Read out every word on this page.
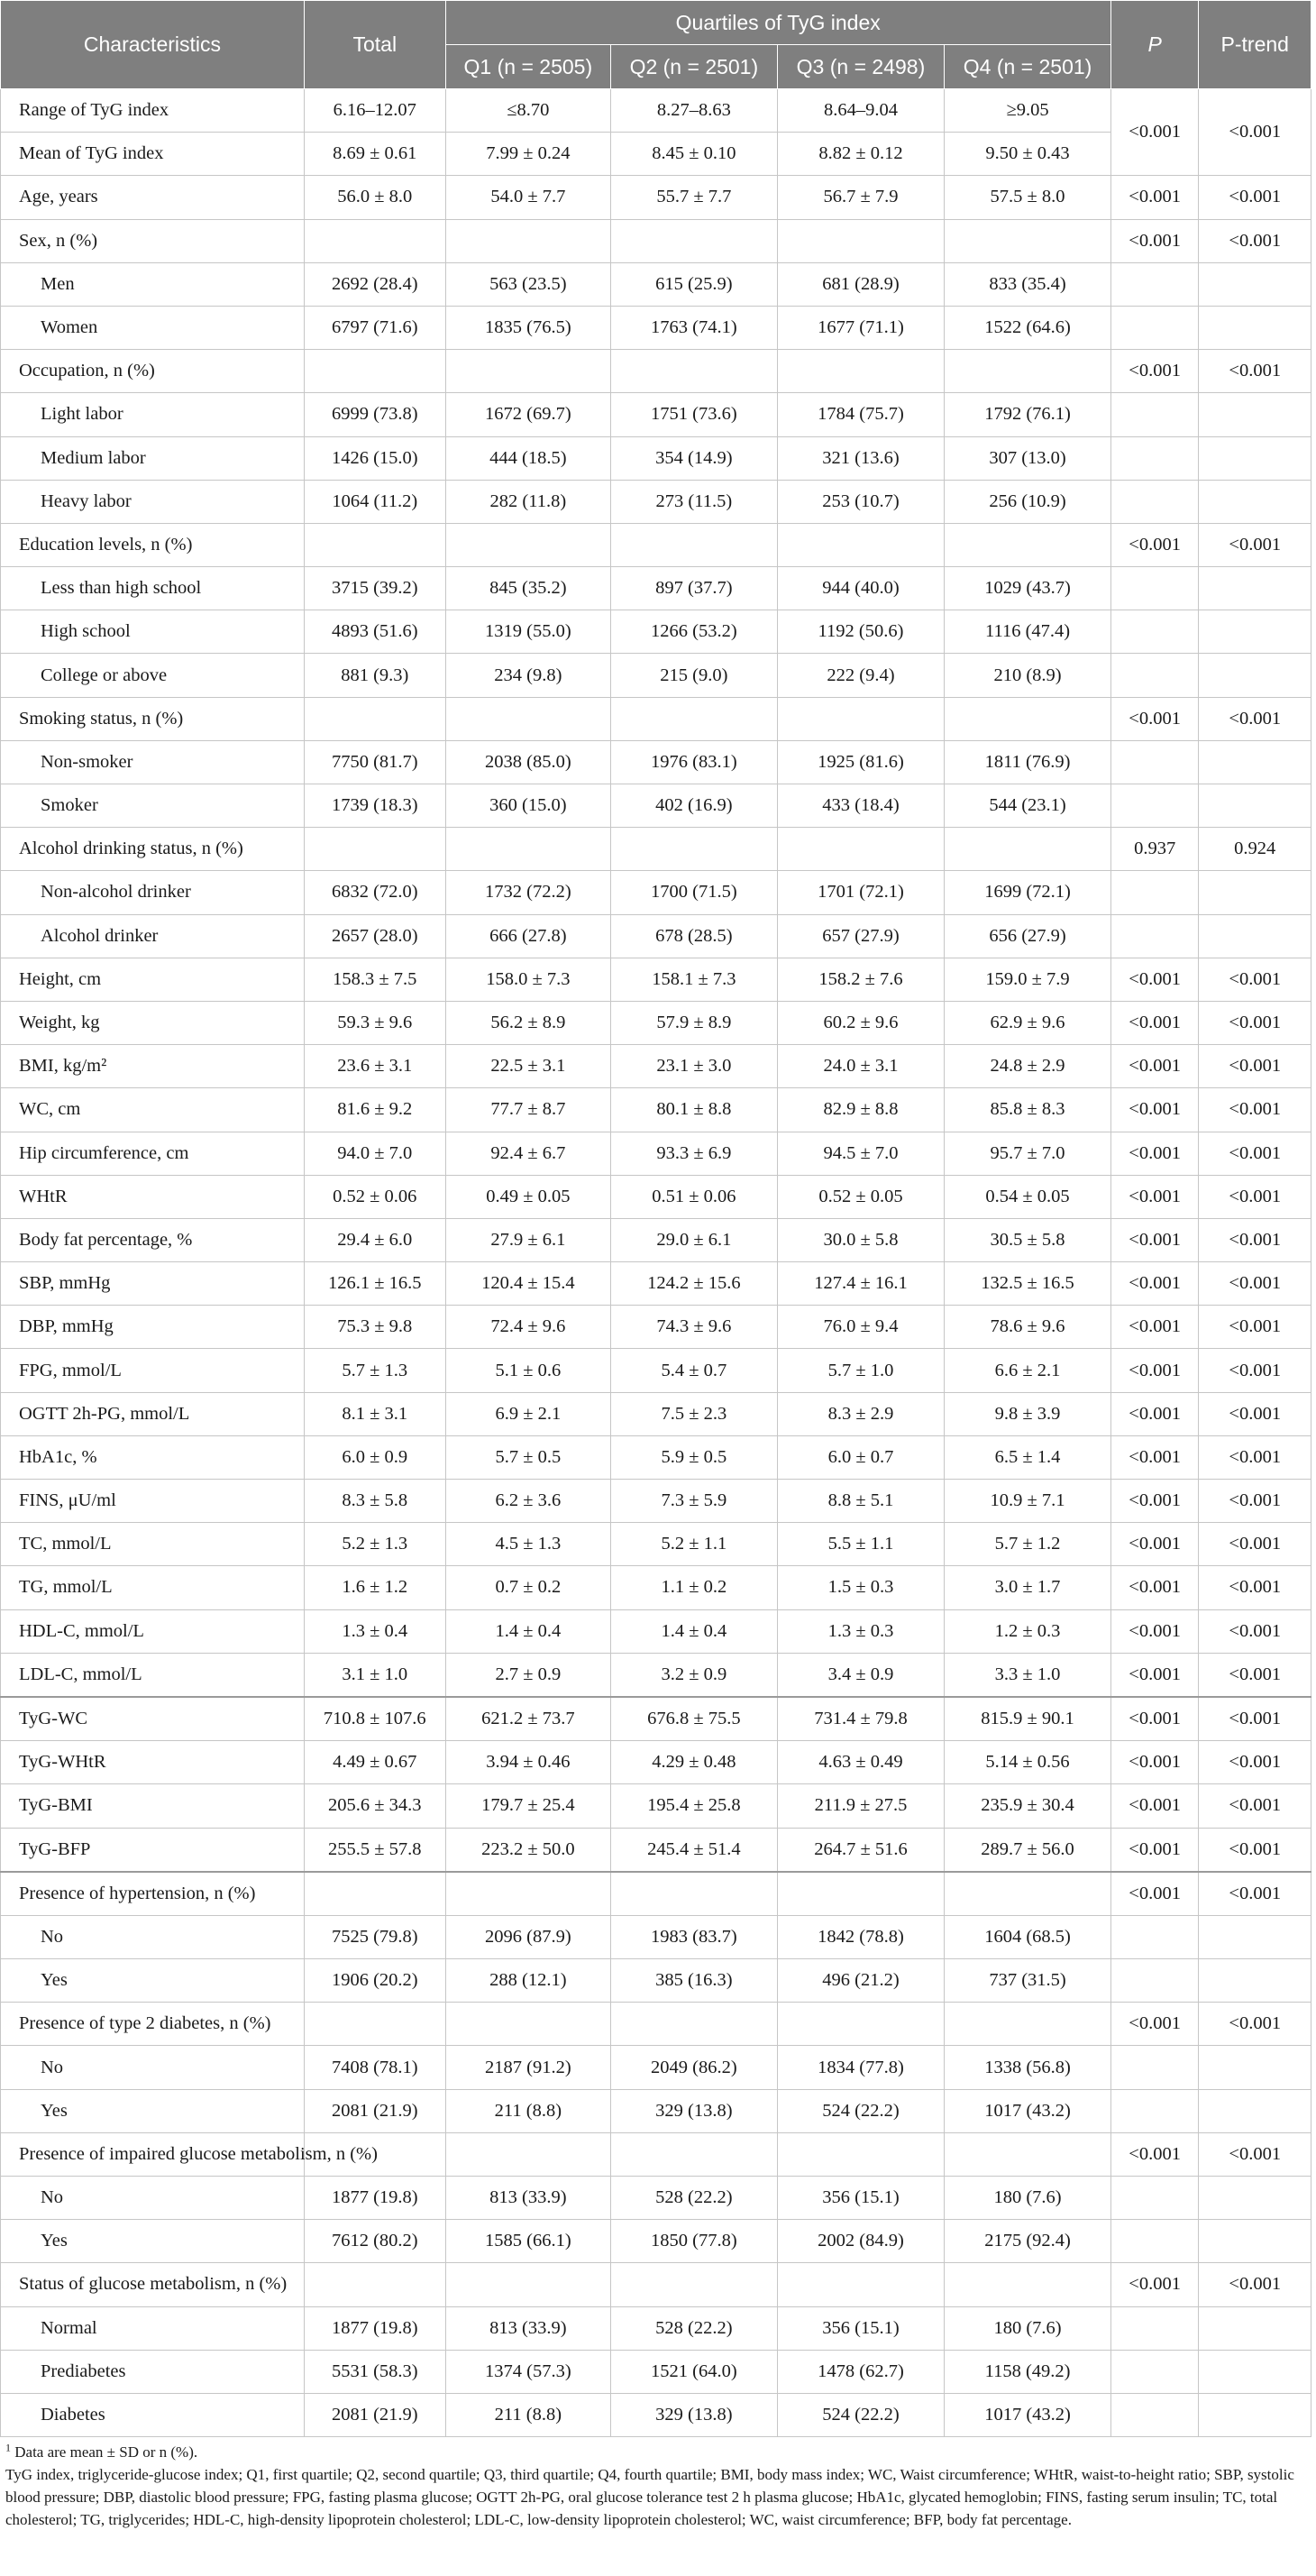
Characteristics	Total	Quartiles of TyG index				P	P-trend
		Q1 (n = 2505)	Q2 (n = 2501)	Q3 (n = 2498)	Q4 (n = 2501)		
Range of TyG index	6.16–12.07	≤8.70	8.27–8.63	8.64–9.04	≥9.05	<0.001	<0.001
Mean of TyG index	8.69 ± 0.61	7.99 ± 0.24	8.45 ± 0.10	8.82 ± 0.12	9.50 ± 0.43		
Age, years	56.0 ± 8.0	54.0 ± 7.7	55.7 ± 7.7	56.7 ± 7.9	57.5 ± 8.0	<0.001	<0.001
Sex, n (%)						<0.001	<0.001
Men	2692 (28.4)	563 (23.5)	615 (25.9)	681 (28.9)	833 (35.4)		
Women	6797 (71.6)	1835 (76.5)	1763 (74.1)	1677 (71.1)	1522 (64.6)		
Occupation, n (%)						<0.001	<0.001
Light labor	6999 (73.8)	1672 (69.7)	1751 (73.6)	1784 (75.7)	1792 (76.1)		
Medium labor	1426 (15.0)	444 (18.5)	354 (14.9)	321 (13.6)	307 (13.0)		
Heavy labor	1064 (11.2)	282 (11.8)	273 (11.5)	253 (10.7)	256 (10.9)		
Education levels, n (%)						<0.001	<0.001
Less than high school	3715 (39.2)	845 (35.2)	897 (37.7)	944 (40.0)	1029 (43.7)		
High school	4893 (51.6)	1319 (55.0)	1266 (53.2)	1192 (50.6)	1116 (47.4)		
College or above	881 (9.3)	234 (9.8)	215 (9.0)	222 (9.4)	210 (8.9)		
Smoking status, n (%)						<0.001	<0.001
Non-smoker	7750 (81.7)	2038 (85.0)	1976 (83.1)	1925 (81.6)	1811 (76.9)		
Smoker	1739 (18.3)	360 (15.0)	402 (16.9)	433 (18.4)	544 (23.1)		
Alcohol drinking status, n (%)						0.937	0.924
Non-alcohol drinker	6832 (72.0)	1732 (72.2)	1700 (71.5)	1701 (72.1)	1699 (72.1)		
Alcohol drinker	2657 (28.0)	666 (27.8)	678 (28.5)	657 (27.9)	656 (27.9)		
Height, cm	158.3 ± 7.5	158.0 ± 7.3	158.1 ± 7.3	158.2 ± 7.6	159.0 ± 7.9	<0.001	<0.001
Weight, kg	59.3 ± 9.6	56.2 ± 8.9	57.9 ± 8.9	60.2 ± 9.6	62.9 ± 9.6	<0.001	<0.001
BMI, kg/m²	23.6 ± 3.1	22.5 ± 3.1	23.1 ± 3.0	24.0 ± 3.1	24.8 ± 2.9	<0.001	<0.001
WC, cm	81.6 ± 9.2	77.7 ± 8.7	80.1 ± 8.8	82.9 ± 8.8	85.8 ± 8.3	<0.001	<0.001
Hip circumference, cm	94.0 ± 7.0	92.4 ± 6.7	93.3 ± 6.9	94.5 ± 7.0	95.7 ± 7.0	<0.001	<0.001
WHtR	0.52 ± 0.06	0.49 ± 0.05	0.51 ± 0.06	0.52 ± 0.05	0.54 ± 0.05	<0.001	<0.001
Body fat percentage, %	29.4 ± 6.0	27.9 ± 6.1	29.0 ± 6.1	30.0 ± 5.8	30.5 ± 5.8	<0.001	<0.001
SBP, mmHg	126.1 ± 16.5	120.4 ± 15.4	124.2 ± 15.6	127.4 ± 16.1	132.5 ± 16.5	<0.001	<0.001
DBP, mmHg	75.3 ± 9.8	72.4 ± 9.6	74.3 ± 9.6	76.0 ± 9.4	78.6 ± 9.6	<0.001	<0.001
FPG, mmol/L	5.7 ± 1.3	5.1 ± 0.6	5.4 ± 0.7	5.7 ± 1.0	6.6 ± 2.1	<0.001	<0.001
OGTT 2h-PG, mmol/L	8.1 ± 3.1	6.9 ± 2.1	7.5 ± 2.3	8.3 ± 2.9	9.8 ± 3.9	<0.001	<0.001
HbA1c, %	6.0 ± 0.9	5.7 ± 0.5	5.9 ± 0.5	6.0 ± 0.7	6.5 ± 1.4	<0.001	<0.001
FINS, μU/ml	8.3 ± 5.8	6.2 ± 3.6	7.3 ± 5.9	8.8 ± 5.1	10.9 ± 7.1	<0.001	<0.001
TC, mmol/L	5.2 ± 1.3	4.5 ± 1.3	5.2 ± 1.1	5.5 ± 1.1	5.7 ± 1.2	<0.001	<0.001
TG, mmol/L	1.6 ± 1.2	0.7 ± 0.2	1.1 ± 0.2	1.5 ± 0.3	3.0 ± 1.7	<0.001	<0.001
HDL-C, mmol/L	1.3 ± 0.4	1.4 ± 0.4	1.4 ± 0.4	1.3 ± 0.3	1.2 ± 0.3	<0.001	<0.001
LDL-C, mmol/L	3.1 ± 1.0	2.7 ± 0.9	3.2 ± 0.9	3.4 ± 0.9	3.3 ± 1.0	<0.001	<0.001
TyG-WC	710.8 ± 107.6	621.2 ± 73.7	676.8 ± 75.5	731.4 ± 79.8	815.9 ± 90.1	<0.001	<0.001
TyG-WHtR	4.49 ± 0.67	3.94 ± 0.46	4.29 ± 0.48	4.63 ± 0.49	5.14 ± 0.56	<0.001	<0.001
TyG-BMI	205.6 ± 34.3	179.7 ± 25.4	195.4 ± 25.8	211.9 ± 27.5	235.9 ± 30.4	<0.001	<0.001
TyG-BFP	255.5 ± 57.8	223.2 ± 50.0	245.4 ± 51.4	264.7 ± 51.6	289.7 ± 56.0	<0.001	<0.001
Presence of hypertension, n (%)						<0.001	<0.001
No	7525 (79.8)	2096 (87.9)	1983 (83.7)	1842 (78.8)	1604 (68.5)		
Yes	1906 (20.2)	288 (12.1)	385 (16.3)	496 (21.2)	737 (31.5)		
Presence of type 2 diabetes, n (%)						<0.001	<0.001
No	7408 (78.1)	2187 (91.2)	2049 (86.2)	1834 (77.8)	1338 (56.8)		
Yes	2081 (21.9)	211 (8.8)	329 (13.8)	524 (22.2)	1017 (43.2)		
Presence of impaired glucose metabolism, n (%)						<0.001	<0.001
No	1877 (19.8)	813 (33.9)	528 (22.2)	356 (15.1)	180 (7.6)		
Yes	7612 (80.2)	1585 (66.1)	1850 (77.8)	2002 (84.9)	2175 (92.4)		
Status of glucose metabolism, n (%)						<0.001	<0.001
Normal	1877 (19.8)	813 (33.9)	528 (22.2)	356 (15.1)	180 (7.6)		
Prediabetes	5531 (58.3)	1374 (57.3)	1521 (64.0)	1478 (62.7)	1158 (49.2)		
Diabetes	2081 (21.9)	211 (8.8)	329 (13.8)	524 (22.2)	1017 (43.2)		

$^1$ Data are mean ± SD or n (%).

TyG index, triglyceride-glucose index; Q1, first quartile; Q2, second quartile; Q3, third quartile; Q4, fourth quartile; BMI, body mass index; WC, Waist circumference; WHtR, waist-to-height ratio; SBP, systolic blood pressure; DBP, diastolic blood pressure; FPG, fasting plasma glucose; OGTT 2h-PG, oral glucose tolerance test 2 h plasma glucose; HbA1c, glycated hemoglobin; FINS, fasting serum insulin; TC, total cholesterol; TG, triglycerides; HDL-C, high-density lipoprotein cholesterol; LDL-C, low-density lipoprotein cholesterol; WC, waist circumference; BFP, body fat percentage.
